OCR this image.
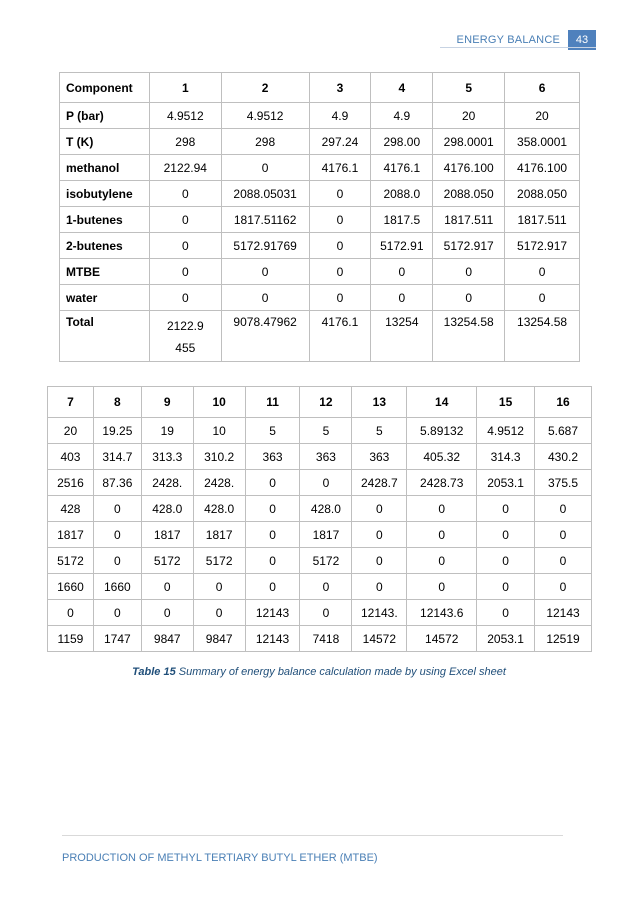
ENERGY BALANCE	43
Component	1	2	3	4	5	6
P (bar)	4.9512	4.9512	4.9	4.9	20	20
T (K)	298	298	297.24	298.00	298.0001	358.0001
methanol	2122.94	0	4176.1	4176.1	4176.100	4176.100
isobutylene	0	2088.05031	0	2088.0	2088.050	2088.050
1-butenes	0	1817.51162	0	1817.5	1817.511	1817.511
2-butenes	0	5172.91769	0	5172.91	5172.917	5172.917
MTBE	0	0	0	0	0	0
water	0	0	0	0	0	0
Total	2122.9455	9078.47962	4176.1	13254	13254.58	13254.58
7	8	9	10	11	12	13	14	15	16
20	19.25	19	10	5	5	5	5.89132	4.9512	5.687
403	314.7	313.3	310.2	363	363	363	405.32	314.3	430.2
2516	87.36	2428.	2428.	0	0	2428.7	2428.73	2053.1	375.5
428	0	428.0	428.0	0	428.0	0	0	0	0
1817	0	1817	1817	0	1817	0	0	0	0
5172	0	5172	5172	0	5172	0	0	0	0
1660	1660	0	0	0	0	0	0	0	0
0	0	0	0	12143	0	12143.	12143.6	0	12143
1159	1747	9847	9847	12143	7418	14572	14572	2053.1	12519
Table 15 Summary of energy balance calculation made by using Excel sheet
PRODUCTION OF METHYL TERTIARY BUTYL ETHER (MTBE)
